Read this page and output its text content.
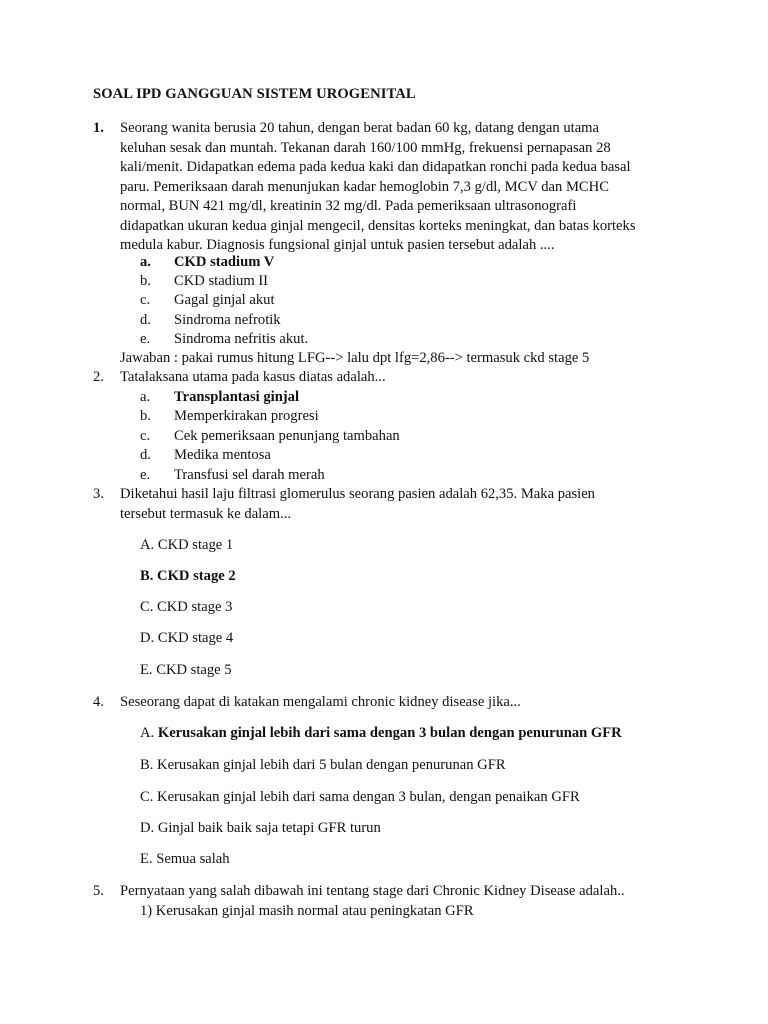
SOAL IPD GANGGUAN SISTEM UROGENITAL
1. Seorang wanita berusia 20 tahun, dengan berat badan 60 kg, datang dengan utama
keluhan sesak dan muntah. Tekanan darah 160/100 mmHg, frekuensi pernapasan 28
kali/menit. Didapatkan edema pada kedua kaki dan didapatkan ronchi pada kedua basal
paru. Pemeriksaan darah menunjukan kadar hemoglobin 7,3 g/dl, MCV dan MCHC
normal, BUN 421 mg/dl, kreatinin 32 mg/dl. Pada pemeriksaan ultrasonografi
didapatkan ukuran kedua ginjal mengecil, densitas korteks meningkat, dan batas korteks
medula kabur. Diagnosis fungsional ginjal untuk pasien tersebut adalah ....
a. CKD stadium V
b. CKD stadium II
c. Gagal ginjal akut
d. Sindroma nefrotik
e. Sindroma nefritis akut.
Jawaban : pakai rumus hitung LFG--> lalu dpt lfg=2,86--> termasuk ckd stage 5
2. Tatalaksana utama pada kasus diatas adalah...
a. Transplantasi ginjal
b. Memperkirakan progresi
c. Cek pemeriksaan penunjang tambahan
d. Medika mentosa
e. Transfusi sel darah merah
3. Diketahui hasil laju filtrasi glomerulus seorang pasien adalah 62,35. Maka pasien
tersebut termasuk ke dalam...
A. CKD stage 1
B. CKD stage 2
C. CKD stage 3
D. CKD stage 4
E. CKD stage 5
4. Seseorang dapat di katakan mengalami chronic kidney disease jika...
A. Kerusakan ginjal lebih dari sama dengan 3 bulan dengan penurunan GFR
B. Kerusakan ginjal lebih dari 5 bulan dengan penurunan GFR
C. Kerusakan ginjal lebih dari sama dengan 3 bulan, dengan penaikan GFR
D. Ginjal baik baik saja tetapi GFR turun
E. Semua salah
5. Pernyataan yang salah dibawah ini tentang stage dari Chronic Kidney Disease adalah..
1) Kerusakan ginjal masih normal atau peningkatan GFR
